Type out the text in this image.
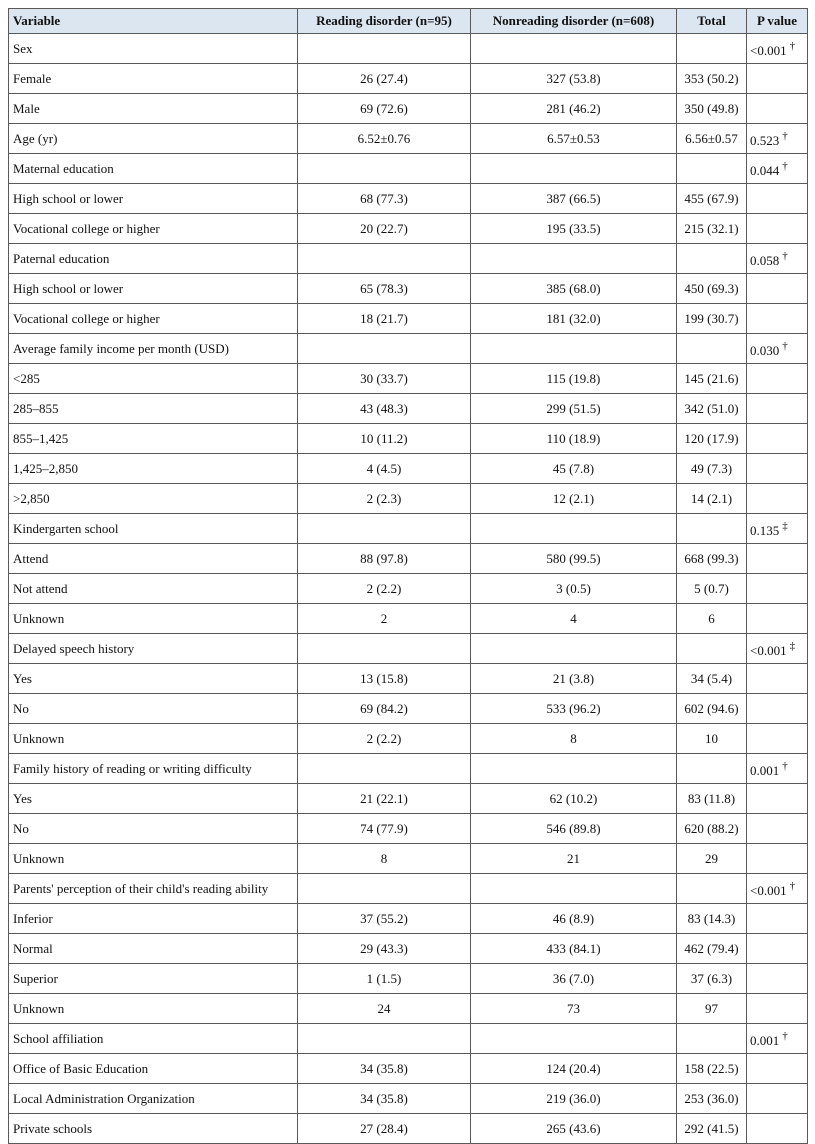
Variable	Reading disorder (n=95)	Nonreading disorder (n=608)	Total	P value
Sex				<0.001 †
Female	26 (27.4)	327 (53.8)	353 (50.2)	
Male	69 (72.6)	281 (46.2)	350 (49.8)	
Age (yr)	6.52±0.76	6.57±0.53	6.56±0.57	0.523 †
Maternal education				0.044 †
High school or lower	68 (77.3)	387 (66.5)	455 (67.9)	
Vocational college or higher	20 (22.7)	195 (33.5)	215 (32.1)	
Paternal education				0.058 †
High school or lower	65 (78.3)	385 (68.0)	450 (69.3)	
Vocational college or higher	18 (21.7)	181 (32.0)	199 (30.7)	
Average family income per month (USD)				0.030 †
<285	30 (33.7)	115 (19.8)	145 (21.6)	
285–855	43 (48.3)	299 (51.5)	342 (51.0)	
855–1,425	10 (11.2)	110 (18.9)	120 (17.9)	
1,425–2,850	4 (4.5)	45 (7.8)	49 (7.3)	
>2,850	2 (2.3)	12 (2.1)	14 (2.1)	
Kindergarten school				0.135 ‡
Attend	88 (97.8)	580 (99.5)	668 (99.3)	
Not attend	2 (2.2)	3 (0.5)	5 (0.7)	
Unknown	2	4	6	
Delayed speech history				<0.001 ‡
Yes	13 (15.8)	21 (3.8)	34 (5.4)	
No	69 (84.2)	533 (96.2)	602 (94.6)	
Unknown	2 (2.2)	8	10	
Family history of reading or writing difficulty				0.001 †
Yes	21 (22.1)	62 (10.2)	83 (11.8)	
No	74 (77.9)	546 (89.8)	620 (88.2)	
Unknown	8	21	29	
Parents' perception of their child's reading ability				<0.001 †
Inferior	37 (55.2)	46 (8.9)	83 (14.3)	
Normal	29 (43.3)	433 (84.1)	462 (79.4)	
Superior	1 (1.5)	36 (7.0)	37 (6.3)	
Unknown	24	73	97	
School affiliation				0.001 †
Office of Basic Education	34 (35.8)	124 (20.4)	158 (22.5)	
Local Administration Organization	34 (35.8)	219 (36.0)	253 (36.0)	
Private schools	27 (28.4)	265 (43.6)	292 (41.5)	
